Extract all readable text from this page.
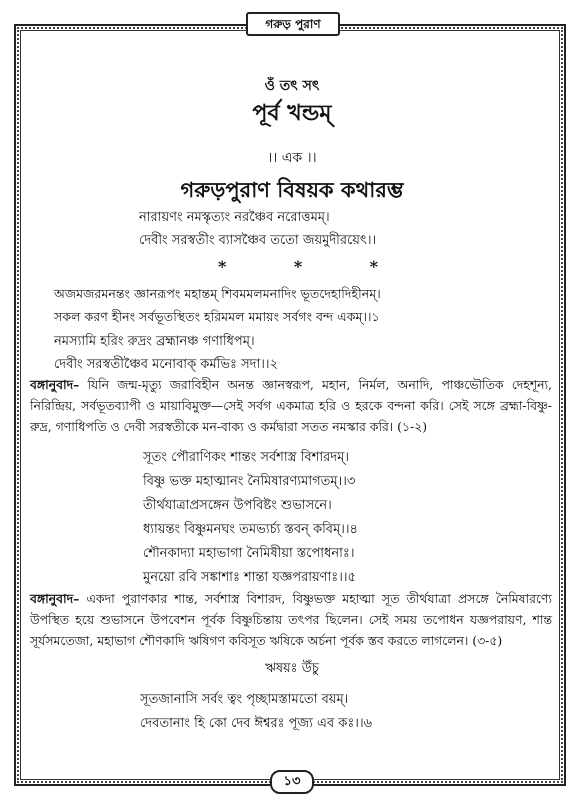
গরুড় পুরাণ
ওঁ তৎ সৎ
পূর্ব খন্ডম্
।। এক ।।
গরুড়পুরাণ বিষয়ক কথারম্ভ
নারায়ণং নমস্কৃত্যং নরঞ্চৈব নরোত্তমম্।
দেবীং সরস্বতীং ব্যাসঞ্চৈব ততো জয়মুদীরয়েৎ।।
*	*	*
অজমজরমনন্তং জ্ঞানরূপং মহান্তম্ শিবমমলমনাদিং ভূতদেহাদিহীনম্।
সকল করণ হীনং সর্বভূতস্থিতং হরিমমল মমায়ং সর্বগং বন্দ একম্।।১
নমস্যামি হরিং রুদ্রং ব্রহ্মানঞ্চ গণাধিপম্।
দেবীং সরস্বতীঞ্চৈব মনোবাক্ কর্মভিঃ সদা।।২
বঙ্গানুবাদ– যিনি জন্ম-মৃত্যু জরাবিহীন অনন্ত জ্ঞানস্বরূপ, মহান, নির্মল, অনাদি, পাঞ্চভৌতিক দেহশূন্য, নিরিন্দ্রিয়, সর্বভূতব্যাপী ও মায়াবিমুক্ত—সেই সর্বগ একমাত্র হরি ও হরকে বন্দনা করি। সেই সঙ্গে ব্রহ্মা-বিষ্ণু-রুদ্র, গণাধিপতি ও দেবী সরস্বতীকে মন-বাক্য ও কর্মদ্বারা সতত নমস্কার করি। (১-২)
সূতং পৌরাণিকং শান্তং সর্বশাস্ত্র বিশারদম্।
বিষ্ণু ভক্ত মহাত্মানং নৈমিষারণ্যমাগতম্।।৩
তীর্থযাত্রাপ্রসঙ্গেন উপবিষ্টং শুভাসনে।
ধ্যায়ন্তং বিষ্ণুমনঘং তমভ্যর্চ্য স্তবন্ কবিম্।।৪
শৌনকাদ্যা মহাভাগা নৈমিষীয়া স্তপোধনাঃ।
মুনয়ো রবি সঙ্কাশাঃ শান্তা যজ্ঞপরায়ণাঃ।।৫
বঙ্গানুবাদ– একদা পুরাণকার শান্ত, সর্বশাস্ত্র বিশারদ, বিষ্ণুভক্ত মহাত্মা সূত তীর্থযাত্রা প্রসঙ্গে নৈমিষারণ্যে উপস্থিত হয়ে শুভাসনে উপবেশন পূর্বক বিষ্ণুচিন্তায় তৎপর ছিলেন। সেই সময় তপোধন যজ্ঞপরায়ণ, শান্ত সূর্যসমতেজা, মহাভাগ শৌণকাদি ঋষিগণ কবিসূত ঋষিকে অর্চনা পূর্বক স্তব করতে লাগলেন। (৩-৫)
ঋষয়ঃ উঁচু
সূতজানাসি সর্বং ত্বং পৃচ্ছামস্তামতো বয়ম্।
দেবতানাং হি কো দেব ঈশ্বরঃ পূজ্য এব কঃ।।৬
১৩
